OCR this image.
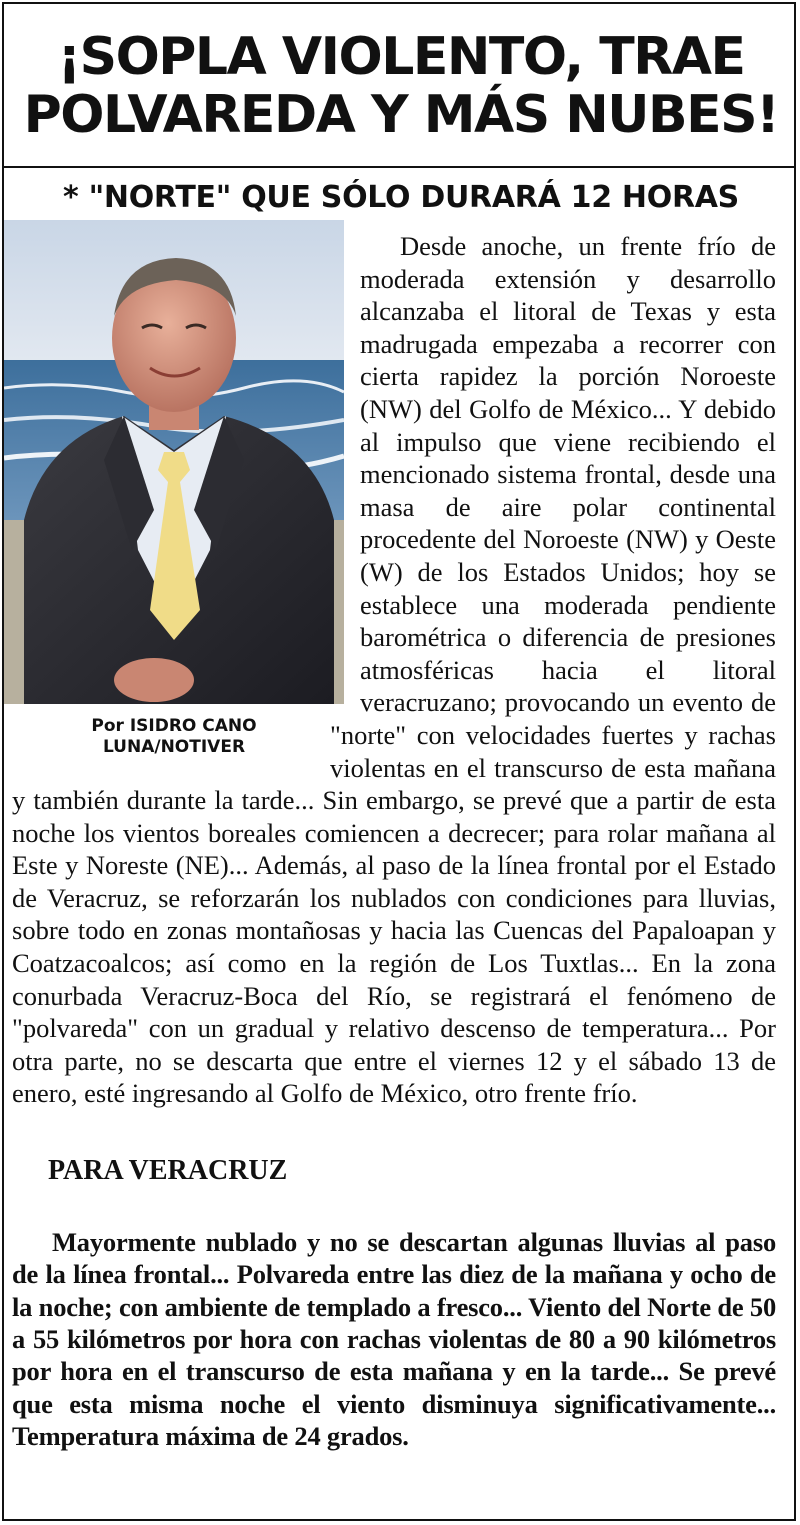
¡SOPLA VIOLENTO, TRAE
POLVAREDA Y MÁS NUBES!
* "NORTE" QUE SÓLO DURARÁ 12 HORAS
Por ISIDRO CANO
LUNA/NOTIVER

Desde anoche, un frente frío de moderada extensión y desarrollo alcanzaba el litoral de Texas y esta madrugada empezaba a recorrer con cierta rapidez la porción Noroeste (NW) del Golfo de México... Y debido al impulso que viene recibiendo el mencionado sistema frontal, desde una masa de aire polar continental procedente del Noroeste (NW) y Oeste (W) de los Estados Unidos; hoy se establece una moderada pendiente barométrica o diferencia de presiones atmosféricas hacia el litoral veracruzano; provocando un evento de "norte" con velocidades fuertes y rachas violentas en el transcurso de esta mañana y también durante la tarde... Sin embargo, se prevé que a partir de esta noche los vientos boreales comiencen a decrecer; para rolar mañana al Este y Noreste (NE)... Además, al paso de la línea frontal por el Estado de Veracruz, se reforzarán los nublados con condiciones para lluvias, sobre todo en zonas montañosas y hacia las Cuencas del Papaloapan y Coatzacoalcos; así como en la región de Los Tuxtlas... En la zona conurbada Veracruz-Boca del Río, se registrará el fenómeno de "polvareda" con un gradual y relativo descenso de temperatura... Por otra parte, no se descarta que entre el viernes 12 y el sábado 13 de enero, esté ingresando al Golfo de México, otro frente frío.

PARA VERACRUZ

Mayormente nublado y no se descartan algunas lluvias al paso de la línea frontal... Polvareda entre las diez de la mañana y ocho de la noche; con ambiente de templado a fresco... Viento del Norte de 50 a 55 kilómetros por hora con rachas violentas de 80 a 90 kilómetros por hora en el transcurso de esta mañana y en la tarde... Se prevé que esta misma noche el viento disminuya significativamente... Temperatura máxima de 24 grados.
